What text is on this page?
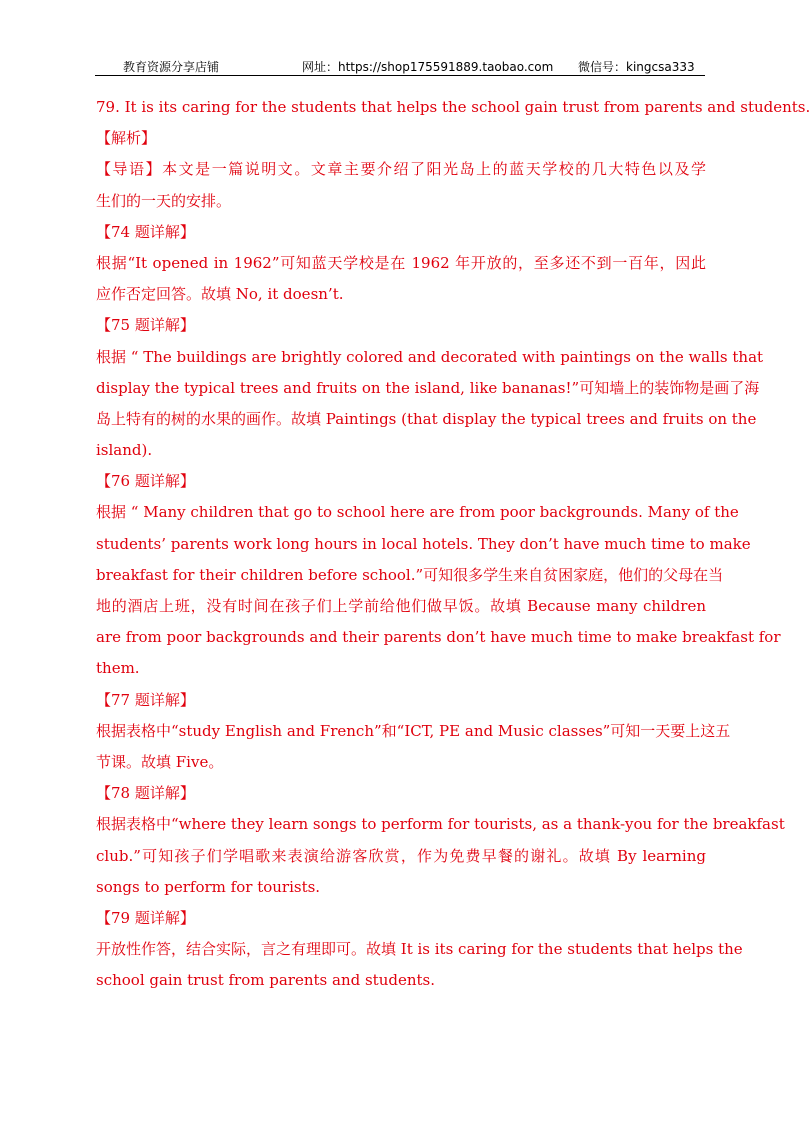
教育资源分享店铺	网址：https://shop175591889.taobao.com 微信号：kingcsa333
79. It is its caring for the students that helps the school gain trust from parents and students.
【解析】
【导语】本文是一篇说明文。文章主要介绍了阳光岛上的蓝天学校的几大特色以及学
生们的一天的安排。
【74 题详解】
根据“It opened in 1962”可知蓝天学校是在 1962 年开放的，至多还不到一百年，因此
应作否定回答。故填 No, it doesn’t.
【75 题详解】
根据 “ The buildings are brightly colored and decorated with paintings on the walls that
display the typical trees and fruits on the island, like bananas!”可知墙上的装饰物是画了海
岛上特有的树的水果的画作。故填 Paintings (that display the typical trees and fruits on the
island).
【76 题详解】
根据 “ Many children that go to school here are from poor backgrounds. Many of the
students’ parents work long hours in local hotels. They don’t have much time to make
breakfast for their children before school.”可知很多学生来自贫困家庭，他们的父母在当
地的酒店上班，没有时间在孩子们上学前给他们做早饭。故填 Because many children
are from poor backgrounds and their parents don’t have much time to make breakfast for
them.
【77 题详解】
根据表格中“study English and French”和“ICT, PE and Music classes”可知一天要上这五
节课。故填 Five。
【78 题详解】
根据表格中“where they learn songs to perform for tourists, as a thank-you for the breakfast
club.”可知孩子们学唱歌来表演给游客欣赏，作为免费早餐的谢礼。故填 By learning
songs to perform for tourists.
【79 题详解】
开放性作答，结合实际，言之有理即可。故填 It is its caring for the students that helps the
school gain trust from parents and students.
